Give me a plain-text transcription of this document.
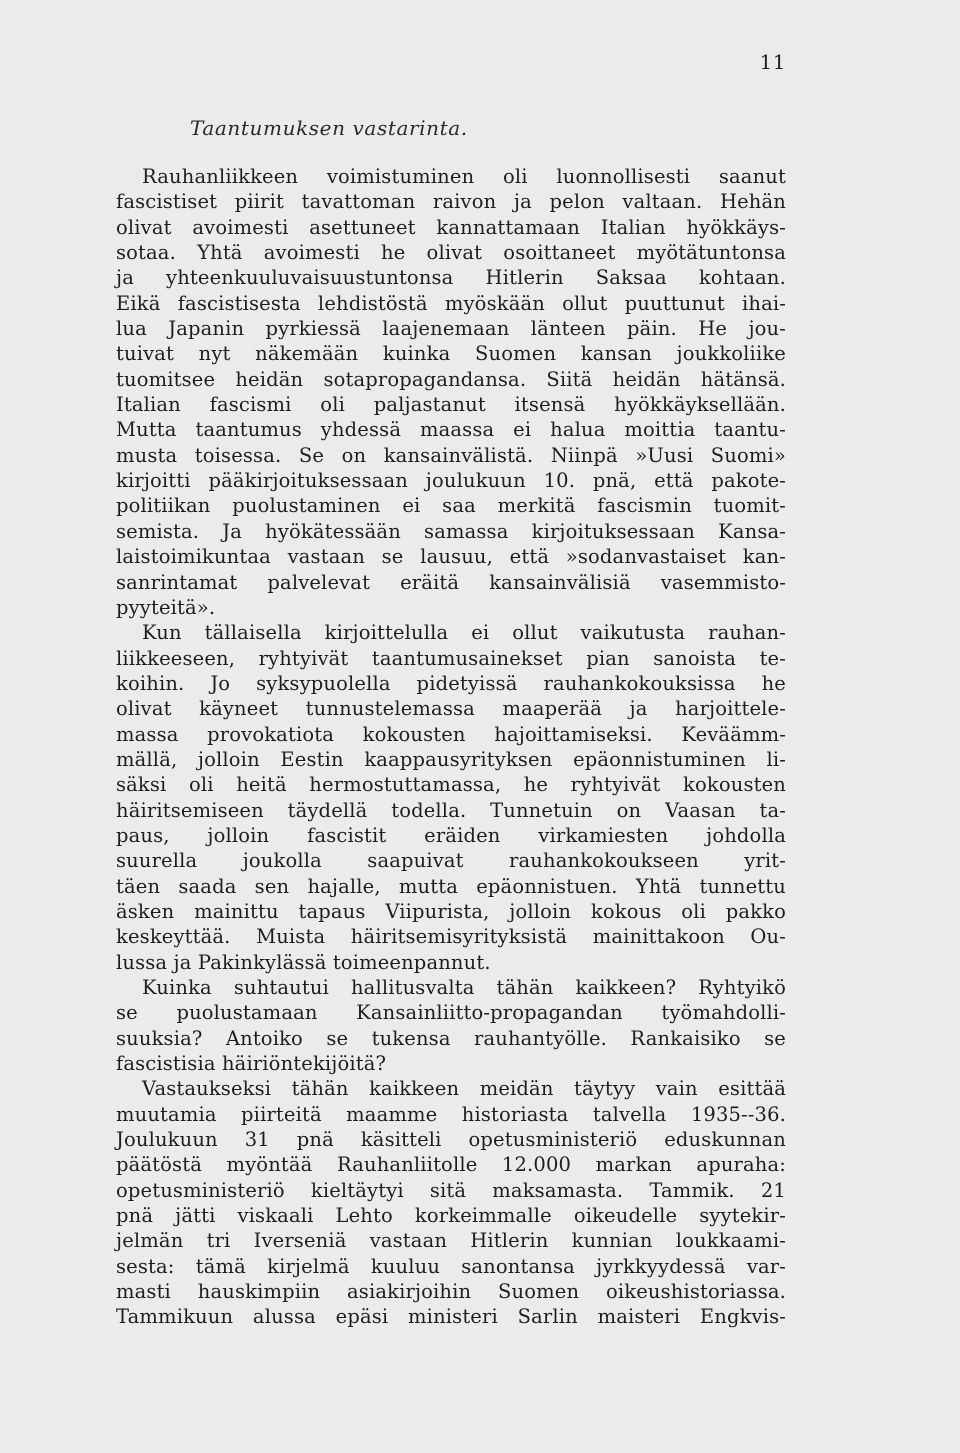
11
Taantumuksen vastarinta.
Rauhanliikkeen voimistuminen oli luonnollisesti saanut
fascistiset piirit tavattoman raivon ja pelon valtaan. Hehän
olivat avoimesti asettuneet kannattamaan Italian hyökkäys-
sotaa. Yhtä avoimesti he olivat osoittaneet myötätuntonsa
ja yhteenkuuluvaisuustuntonsa Hitlerin Saksaa kohtaan.
Eikä fascistisesta lehdistöstä myöskään ollut puuttunut ihai-
lua Japanin pyrkiessä laajenemaan länteen päin. He jou-
tuivat nyt näkemään kuinka Suomen kansan joukkoliike
tuomitsee heidän sotapropagandansa. Siitä heidän hätänsä.
Italian fascismi oli paljastanut itsensä hyökkäyksellään.
Mutta taantumus yhdessä maassa ei halua moittia taantu-
musta toisessa. Se on kansainvälistä. Niinpä »Uusi Suomi»
kirjoitti pääkirjoituksessaan joulukuun 10. pnä, että pakote-
politiikan puolustaminen ei saa merkitä fascismin tuomit-
semista. Ja hyökätessään samassa kirjoituksessaan Kansa-
laistoimikuntaa vastaan se lausuu, että »sodanvastaiset kan-
sanrintamat palvelevat eräitä kansainvälisiä vasemmisto-
pyyteitä».
Kun tällaisella kirjoittelulla ei ollut vaikutusta rauhan-
liikkeeseen, ryhtyivät taantumusainekset pian sanoista te-
koihin. Jo syksypuolella pidetyissä rauhankokouksissa he
olivat käyneet tunnustelemassa maaperää ja harjoittele-
massa provokatiota kokousten hajoittamiseksi. Keväämm-
mällä, jolloin Eestin kaappausyrityksen epäonnistuminen li-
säksi oli heitä hermostuttamassa, he ryhtyivät kokousten
häiritsemiseen täydellä todella. Tunnetuin on Vaasan ta-
paus, jolloin fascistit eräiden virkamiesten johdolla
suurella joukolla saapuivat rauhankokoukseen yrit-
täen saada sen hajalle, mutta epäonnistuen. Yhtä tunnettu
äsken mainittu tapaus Viipurista, jolloin kokous oli pakko
keskeyttää. Muista häiritsemisyrityksistä mainittakoon Ou-
lussa ja Pakinkylässä toimeenpannut.
Kuinka suhtautui hallitusvalta tähän kaikkeen? Ryhtyikö
se puolustamaan Kansainliitto-propagandan työmahdolli-
suuksia? Antoiko se tukensa rauhantyölle. Rankaisiko se
fascistisia häiriöntekijöitä?
Vastaukseksi tähän kaikkeen meidän täytyy vain esittää
muutamia piirteitä maamme historiasta talvella 1935--36.
Joulukuun 31 pnä käsitteli opetusministeriö eduskunnan
päätöstä myöntää Rauhanliitolle 12.000 markan apuraha:
opetusministeriö kieltäytyi sitä maksamasta. Tammik. 21
pnä jätti viskaali Lehto korkeimmalle oikeudelle syytekir-
jelmän tri Iverseniä vastaan Hitlerin kunnian loukkaami-
sesta: tämä kirjelmä kuuluu sanontansa jyrkkyydessä var-
masti hauskimpiin asiakirjoihin Suomen oikeushistoriassa.
Tammikuun alussa epäsi ministeri Sarlin maisteri Engkvis-
